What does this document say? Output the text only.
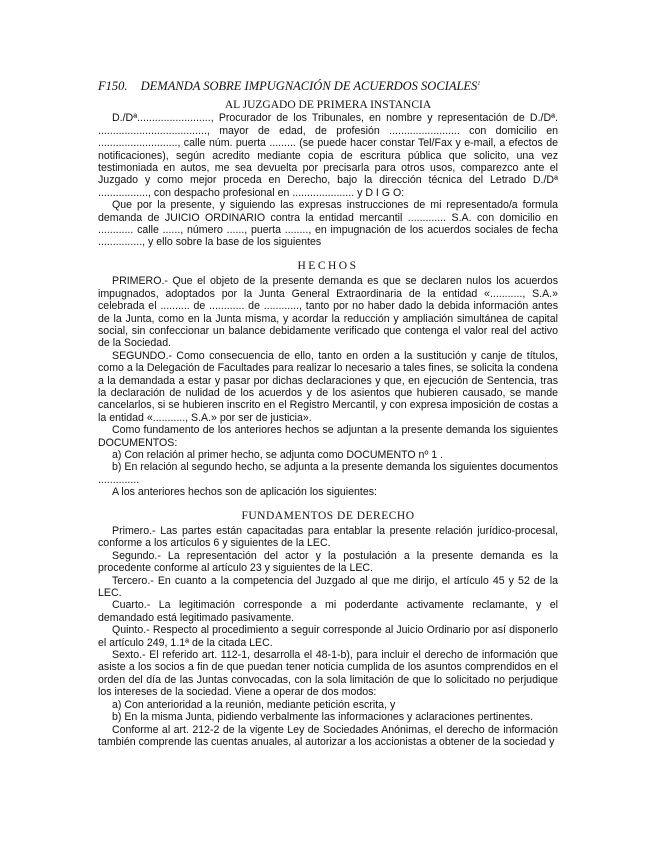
F150. DEMANDA SOBRE IMPUGNACIÓN DE ACUERDOS SOCIALES$^1$
AL JUZGADO DE PRIMERA INSTANCIA

D./Dª........................., Procurador de los Tribunales, en nombre y representación de D./Dª. ....................................., mayor de edad, de profesión ........................ con domicilio en ..........................., calle núm. puerta ......... (se puede hacer constar Tel/Fax y e-mail, a efectos de notificaciones), según acredito mediante copia de escritura pública que solicito, una vez testimoniada en autos, me sea devuelta por precisarla para otros usos, comparezco ante el Juzgado y como mejor proceda en Derecho, bajo la dirección técnica del Letrado D./Dª ................., con despacho profesional en ..................... y D I G O:

Que por la presente, y siguiendo las expresas instrucciones de mi representado/a formula demanda de JUICIO ORDINARIO contra la entidad mercantil ............. S.A. con domicilio en ............ calle ......, número ......, puerta ........, en impugnación de los acuerdos sociales de fecha ..............., y ello sobre la base de los siguientes

HECHOS

PRIMERO.- Que el objeto de la presente demanda es que se declaren nulos los acuerdos impugnados, adoptados por la Junta General Extraordinaria de la entidad «..........., S.A.» celebrada el .......... de ............ de ............, tanto por no haber dado la debida información antes de la Junta, como en la Junta misma, y acordar la reducción y ampliación simultánea de capital social, sin confeccionar un balance debidamente verificado que contenga el valor real del activo de la Sociedad.

SEGUNDO.- Como consecuencia de ello, tanto en orden a la sustitución y canje de títulos, como a la Delegación de Facultades para realizar lo necesario a tales fines, se solicita la condena a la demandada a estar y pasar por dichas declaraciones y que, en ejecución de Sentencia, tras la declaración de nulidad de los acuerdos y de los asientos que hubieren causado, se mande cancelarlos, si se hubieren inscrito en el Registro Mercantil, y con expresa imposición de costas a la entidad «..........., S.A.» por ser de justicia».

Como fundamento de los anteriores hechos se adjuntan a la presente demanda los siguientes DOCUMENTOS:

a) Con relación al primer hecho, se adjunta como DOCUMENTO nº 1 .

b) En relación al segundo hecho, se adjunta a la presente demanda los siguientes documentos ..............

A los anteriores hechos son de aplicación los siguientes:

FUNDAMENTOS DE DERECHO

Primero.- Las partes están capacitadas para entablar la presente relación jurídico-procesal, conforme a los artículos 6 y siguientes de la LEC.

Segundo.- La representación del actor y la postulación a la presente demanda es la procedente conforme al artículo 23 y siguientes de la LEC.

Tercero.- En cuanto a la competencia del Juzgado al que me dirijo, el artículo 45 y 52 de la LEC.

Cuarto.- La legitimación corresponde a mi poderdante activamente reclamante, y el demandado está legitimado pasivamente.

Quinto.- Respecto al procedimiento a seguir corresponde al Juicio Ordinario por así disponerlo el artículo 249, 1.1ª de la citada LEC.

Sexto.- El referido art. 112-1, desarrolla el 48-1-b), para incluir el derecho de información que asiste a los socios a fin de que puedan tener noticia cumplida de los asuntos comprendidos en el orden del día de las Juntas convocadas, con la sola limitación de que lo solicitado no perjudique los intereses de la sociedad. Viene a operar de dos modos:

a) Con anterioridad a la reunión, mediante petición escrita, y

b) En la misma Junta, pidiendo verbalmente las informaciones y aclaraciones pertinentes.

Conforme al art. 212-2 de la vigente Ley de Sociedades Anónimas, el derecho de información también comprende las cuentas anuales, al autorizar a los accionistas a obtener de la sociedad y
